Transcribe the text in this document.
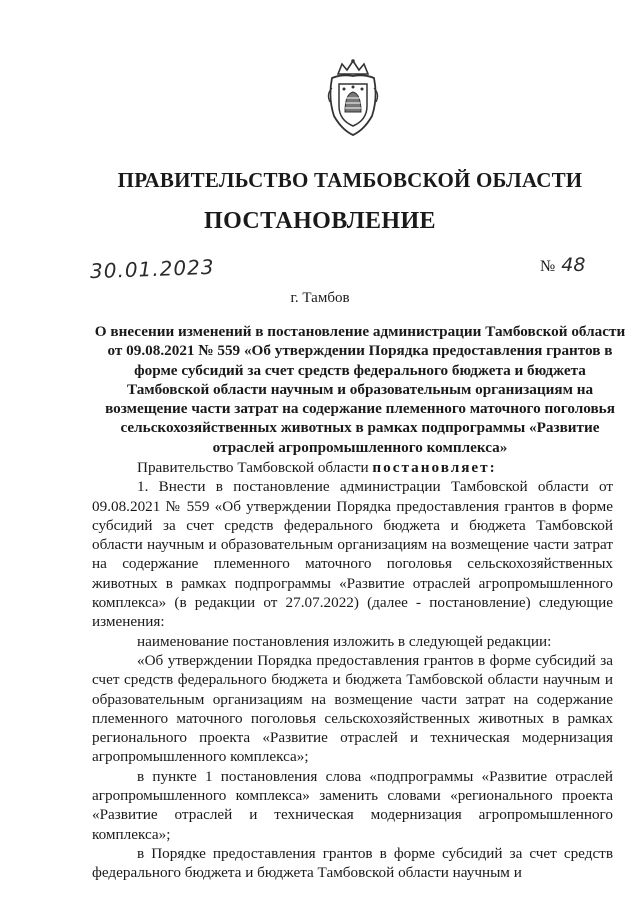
ПРАВИТЕЛЬСТВО ТАМБОВСКОЙ ОБЛАСТИ
ПОСТАНОВЛЕНИЕ
30.01.2023	№ 48
г. Тамбов
О внесении изменений в постановление администрации Тамбовской области от 09.08.2021 № 559 «Об утверждении Порядка предоставления грантов в форме субсидий за счет средств федерального бюджета и бюджета Тамбовской области научным и образовательным организациям на возмещение части затрат на содержание племенного маточного поголовья сельскохозяйственных животных в рамках подпрограммы «Развитие отраслей агропромышленного комплекса»

Правительство Тамбовской области постановляет:

1. Внести в постановление администрации Тамбовской области от 09.08.2021 № 559 «Об утверждении Порядка предоставления грантов в форме субсидий за счет средств федерального бюджета и бюджета Тамбовской области научным и образовательным организациям на возмещение части затрат на содержание племенного маточного поголовья сельскохозяйственных животных в рамках подпрограммы «Развитие отраслей агропромышленного комплекса» (в редакции от 27.07.2022) (далее - постановление) следующие изменения:

наименование постановления изложить в следующей редакции:

«Об утверждении Порядка предоставления грантов в форме субсидий за счет средств федерального бюджета и бюджета Тамбовской области научным и образовательным организациям на возмещение части затрат на содержание племенного маточного поголовья сельскохозяйственных животных в рамках регионального проекта «Развитие отраслей и техническая модернизация агропромышленного комплекса»;

в пункте 1 постановления слова «подпрограммы «Развитие отраслей агропромышленного комплекса» заменить словами «регионального проекта «Развитие отраслей и техническая модернизация агропромышленного комплекса»;

в Порядке предоставления грантов в форме субсидий за счет средств федерального бюджета и бюджета Тамбовской области научным и
